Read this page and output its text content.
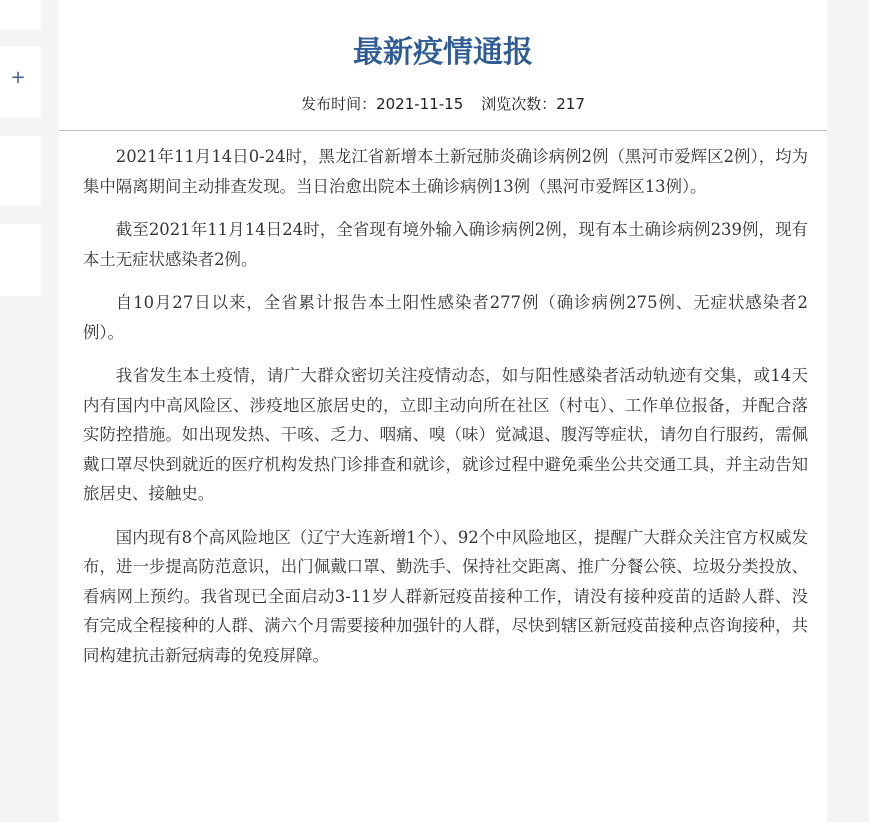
+
最新疫情通报
发布时间：2021-11-15 浏览次数：217

2021年11月14日0-24时，黑龙江省新增本土新冠肺炎确诊病例2例（黑河市爱辉区2例），均为集中隔离期间主动排查发现。当日治愈出院本土确诊病例13例（黑河市爱辉区13例）。

截至2021年11月14日24时，全省现有境外输入确诊病例2例，现有本土确诊病例239例，现有本土无症状感染者2例。

自10月27日以来，全省累计报告本土阳性感染者277例（确诊病例275例、无症状感染者2例）。

我省发生本土疫情，请广大群众密切关注疫情动态，如与阳性感染者活动轨迹有交集，或14天内有国内中高风险区、涉疫地区旅居史的，立即主动向所在社区（村屯）、工作单位报备，并配合落实防控措施。如出现发热、干咳、乏力、咽痛、嗅（味）觉减退、腹泻等症状，请勿自行服药，需佩戴口罩尽快到就近的医疗机构发热门诊排查和就诊，就诊过程中避免乘坐公共交通工具，并主动告知旅居史、接触史。

国内现有8个高风险地区（辽宁大连新增1个）、92个中风险地区，提醒广大群众关注官方权威发布，进一步提高防范意识，出门佩戴口罩、勤洗手、保持社交距离、推广分餐公筷、垃圾分类投放、看病网上预约。我省现已全面启动3-11岁人群新冠疫苗接种工作，请没有接种疫苗的适龄人群、没有完成全程接种的人群、满六个月需要接种加强针的人群，尽快到辖区新冠疫苗接种点咨询接种，共同构建抗击新冠病毒的免疫屏障。
